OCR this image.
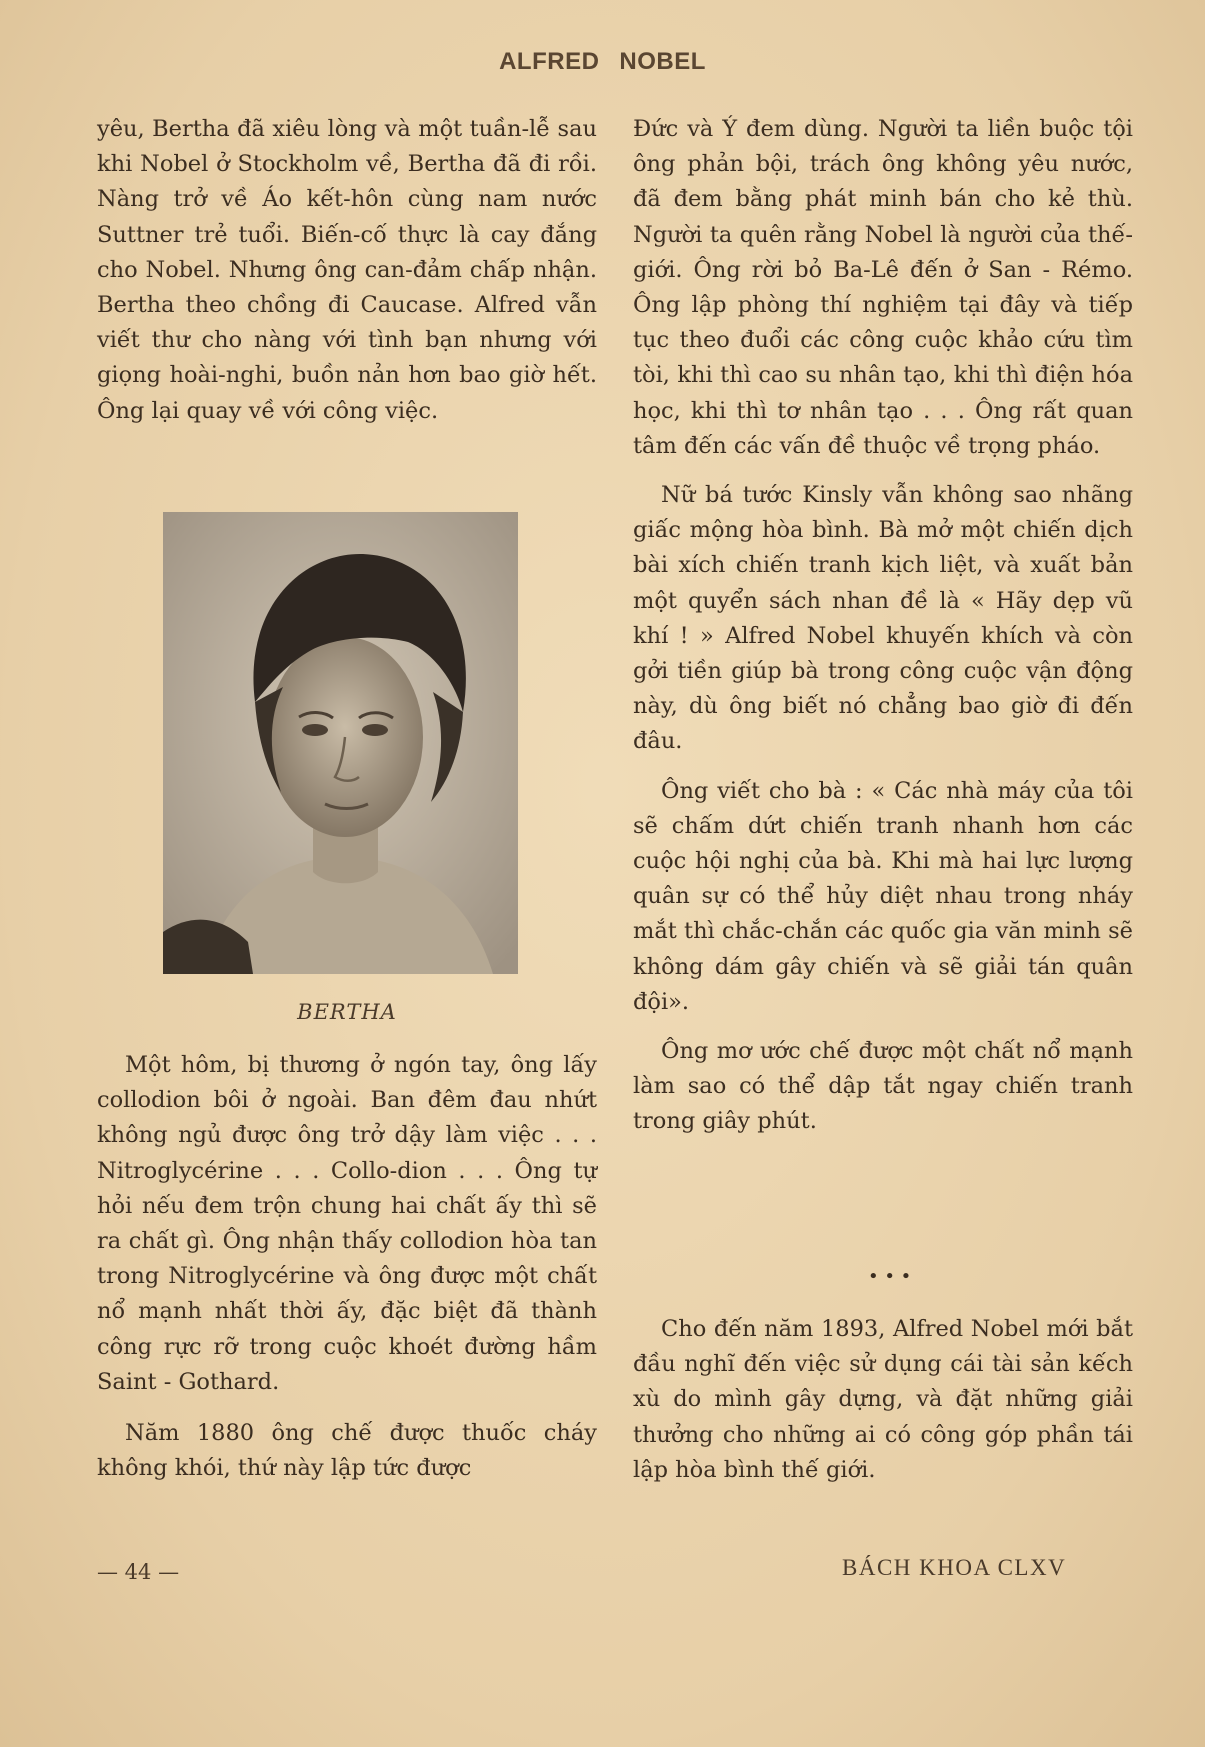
ALFRED NOBEL

yêu, Bertha đã xiêu lòng và một tuần-lễ sau khi Nobel ở Stockholm về, Bertha đã đi rồi. Nàng trở về Áo kết-hôn cùng nam nước Suttner trẻ tuổi. Biến-cố thực là cay đắng cho Nobel. Nhưng ông can-đảm chấp nhận. Bertha theo chồng đi Caucase. Alfred vẫn viết thư cho nàng với tình bạn nhưng với giọng hoài-nghi, buồn nản hơn bao giờ hết. Ông lại quay về với công việc.

BERTHA

Một hôm, bị thương ở ngón tay, ông lấy collodion bôi ở ngoài. Ban đêm đau nhứt không ngủ được ông trở dậy làm việc . . . Nitroglycérine . . . Collo-dion . . . Ông tự hỏi nếu đem trộn chung hai chất ấy thì sẽ ra chất gì. Ông nhận thấy collodion hòa tan trong Nitroglycérine và ông được một chất nổ mạnh nhất thời ấy, đặc biệt đã thành công rực rỡ trong cuộc khoét đường hầm Saint - Gothard.

Năm 1880 ông chế được thuốc cháy không khói, thứ này lập tức được

Đức và Ý đem dùng. Người ta liền buộc tội ông phản bội, trách ông không yêu nước, đã đem bằng phát minh bán cho kẻ thù. Người ta quên rằng Nobel là người của thế-giới. Ông rời bỏ Ba-Lê đến ở San - Rémo. Ông lập phòng thí nghiệm tại đây và tiếp tục theo đuổi các công cuộc khảo cứu tìm tòi, khi thì cao su nhân tạo, khi thì điện hóa học, khi thì tơ nhân tạo . . . Ông rất quan tâm đến các vấn đề thuộc về trọng pháo.

Nữ bá tước Kinsly vẫn không sao nhãng giấc mộng hòa bình. Bà mở một chiến dịch bài xích chiến tranh kịch liệt, và xuất bản một quyển sách nhan đề là « Hãy dẹp vũ khí ! » Alfred Nobel khuyến khích và còn gởi tiền giúp bà trong công cuộc vận động này, dù ông biết nó chẳng bao giờ đi đến đâu.

Ông viết cho bà : « Các nhà máy của tôi sẽ chấm dứt chiến tranh nhanh hơn các cuộc hội nghị của bà. Khi mà hai lực lượng quân sự có thể hủy diệt nhau trong nháy mắt thì chắc-chắn các quốc gia văn minh sẽ không dám gây chiến và sẽ giải tán quân đội».

Ông mơ ước chế được một chất nổ mạnh làm sao có thể dập tắt ngay chiến tranh trong giây phút.

• • •

Cho đến năm 1893, Alfred Nobel mới bắt đầu nghĩ đến việc sử dụng cái tài sản kếch xù do mình gây dựng, và đặt những giải thưởng cho những ai có công góp phần tái lập hòa bình thế giới.

— 44 —	BÁCH KHOA CLXV
